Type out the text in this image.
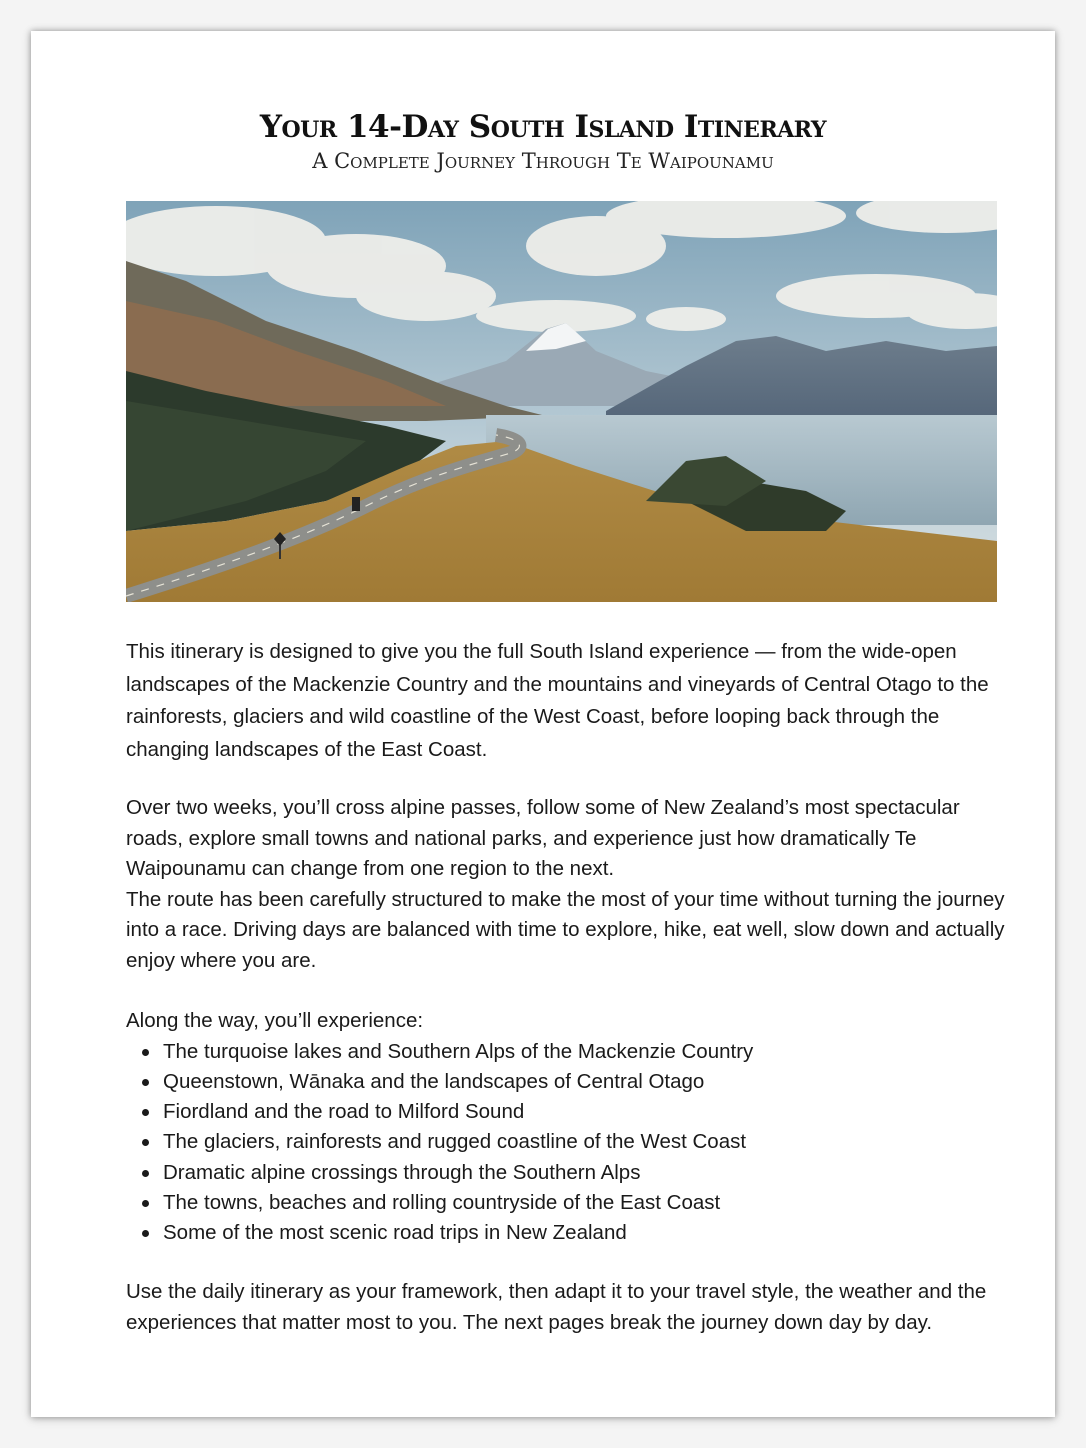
Your 14-Day South Island Itinerary
A Complete Journey Through Te Waipounamu

This itinerary is designed to give you the full South Island experience — from the wide-open landscapes of the Mackenzie Country and the mountains and vineyards of Central Otago to the rainforests, glaciers and wild coastline of the West Coast, before looping back through the changing landscapes of the East Coast.

Over two weeks, you’ll cross alpine passes, follow some of New Zealand’s most spectacular roads, explore small towns and national parks, and experience just how dramatically Te Waipounamu can change from one region to the next.

The route has been carefully structured to make the most of your time without turning the journey into a race. Driving days are balanced with time to explore, hike, eat well, slow down and actually enjoy where you are.

Along the way, you’ll experience:

The turquoise lakes and Southern Alps of the Mackenzie Country
Queenstown, Wānaka and the landscapes of Central Otago
Fiordland and the road to Milford Sound
The glaciers, rainforests and rugged coastline of the West Coast
Dramatic alpine crossings through the Southern Alps
The towns, beaches and rolling countryside of the East Coast
Some of the most scenic road trips in New Zealand

Use the daily itinerary as your framework, then adapt it to your travel style, the weather and the experiences that matter most to you. The next pages break the journey down day by day.
